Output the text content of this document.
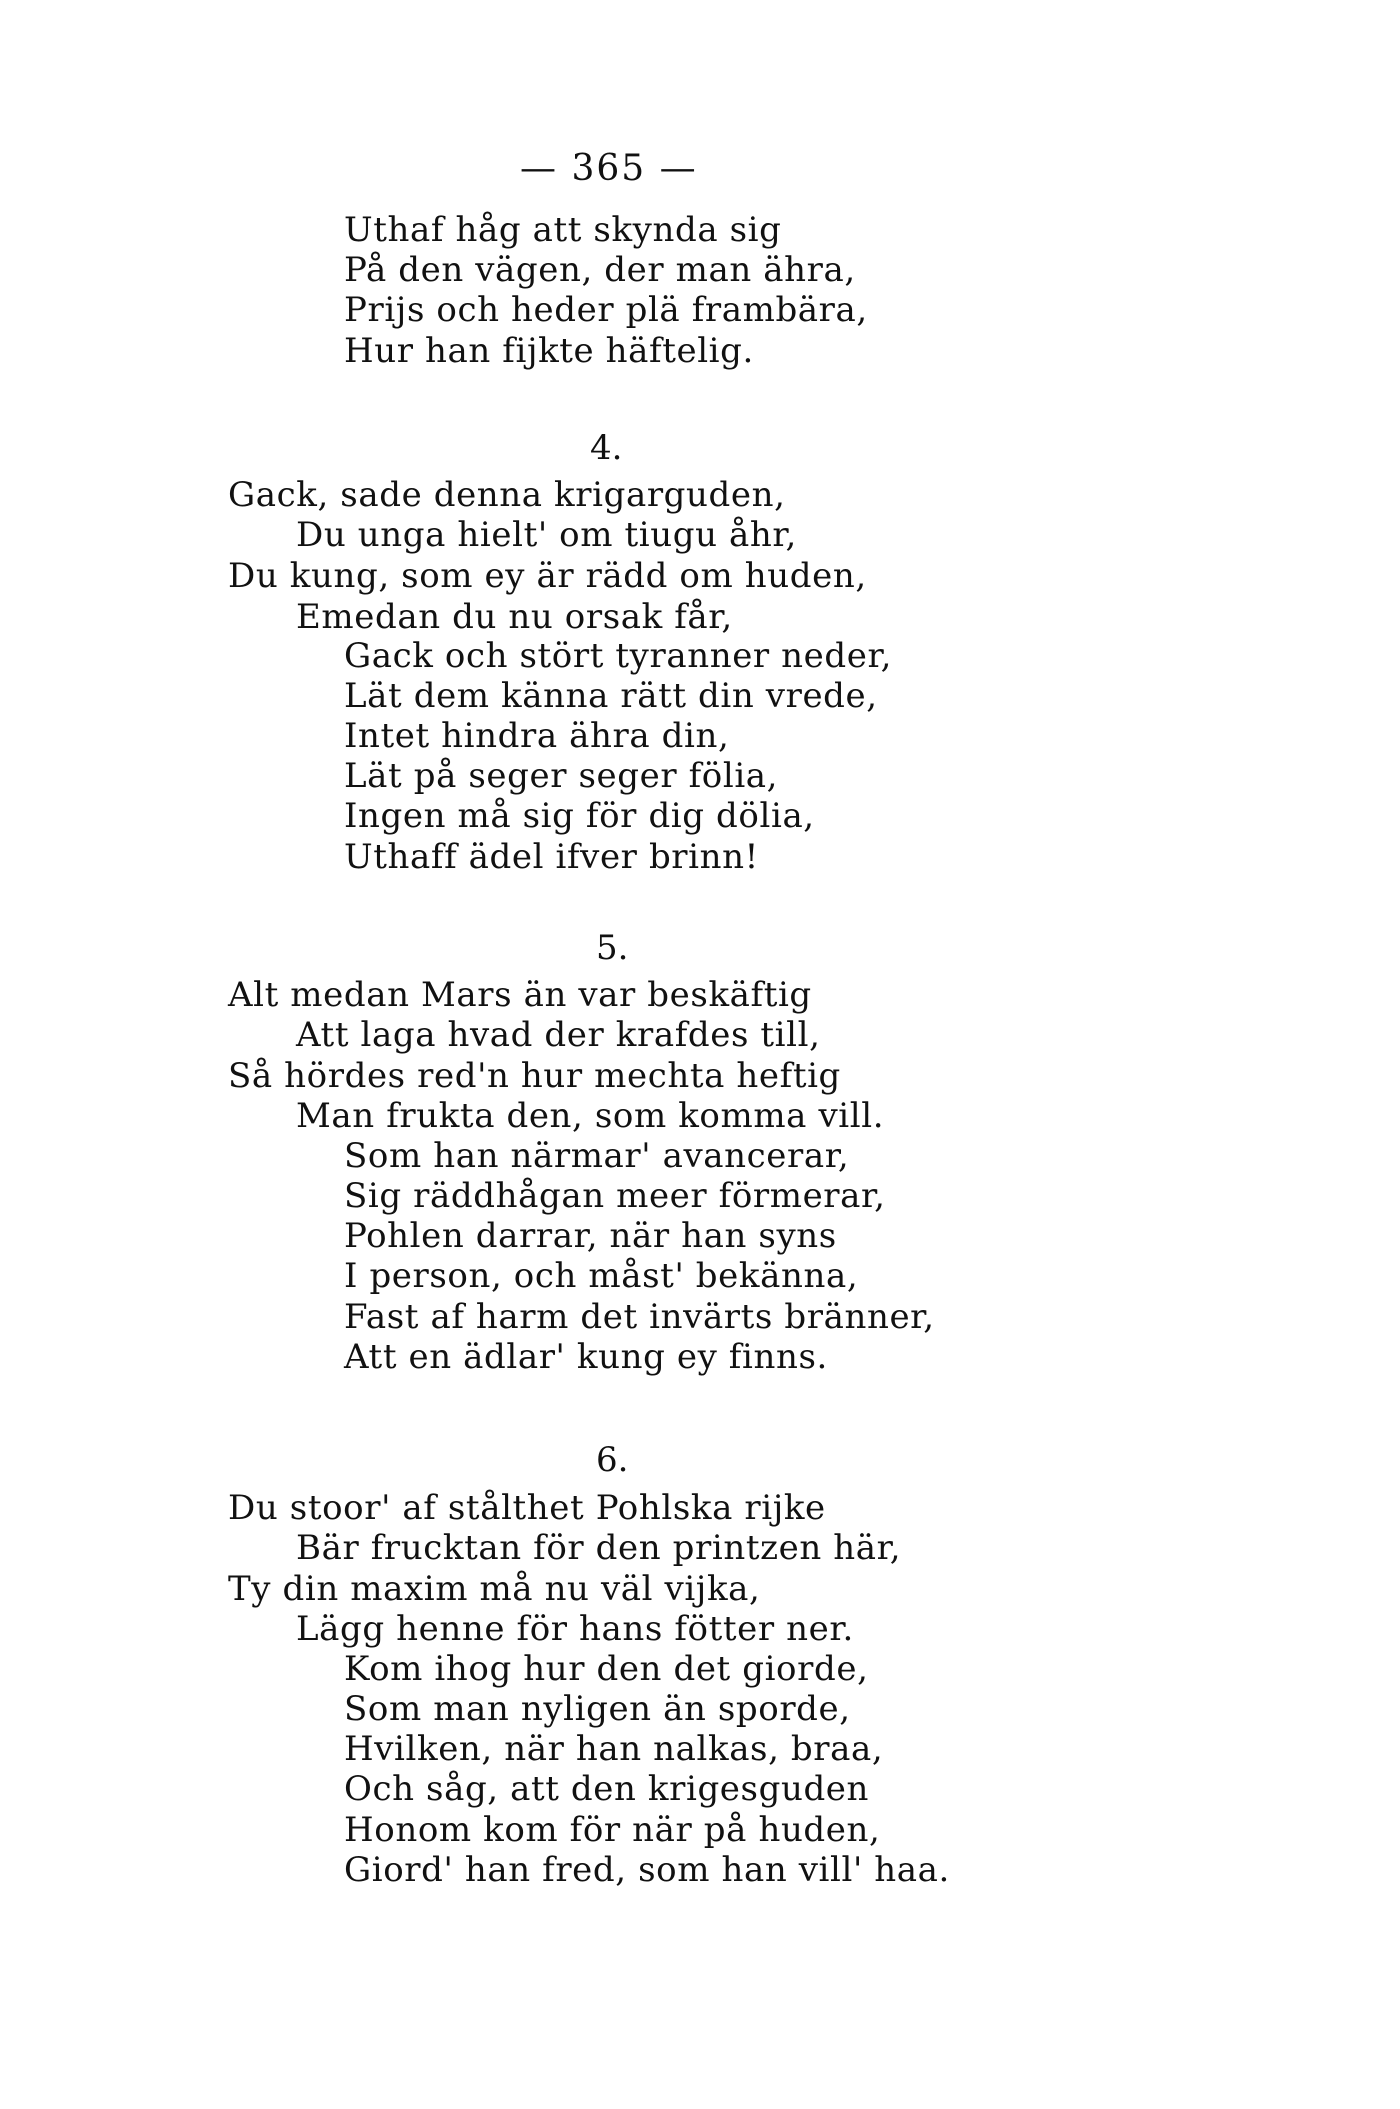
— 365 —
Uthaf håg att skynda sig
På den vägen, der man ährа,
Prijs och heder plä frambära,
Hur han fijkte häftelig.
4.
Gack, sade denna krigarguden,
Du unga hielt' om tiugu åhr,
Du kung, som ey är rädd om huden,
Emedan du nu orsak får,
Gack och stört tyranner neder,
Lät dem känna rätt din vrede,
Intet hindra ähra din,
Lät på seger seger fölia,
Ingen må sig för dig dölia,
Uthaff ädel ifver brinn!
5.
Alt medan Mars än var beskäftig
Att laga hvad der krafdes till,
Så hördes red'n hur mechta heftig
Man frukta den, som komma vill.
Som han närmar' avancerar,
Sig räddhågan meer förmerar,
Pohlen darrar, när han syns
I person, och måst' bekänna,
Fast af harm det invärts bränner,
Att en ädlar' kung ey finns.
6.
Du stoor' af stålthet Pohlska rijke
Bär frucktan för den printzen här,
Ty din maxim må nu väl vijka,
Lägg henne för hans fötter ner.
Kom ihog hur den det giorde,
Som man nyligen än sporde,
Hvilken, när han nalkas, braa,
Och såg, att den krigesguden
Honom kom för när på huden,
Giord' han fred, som han vill' haa.
